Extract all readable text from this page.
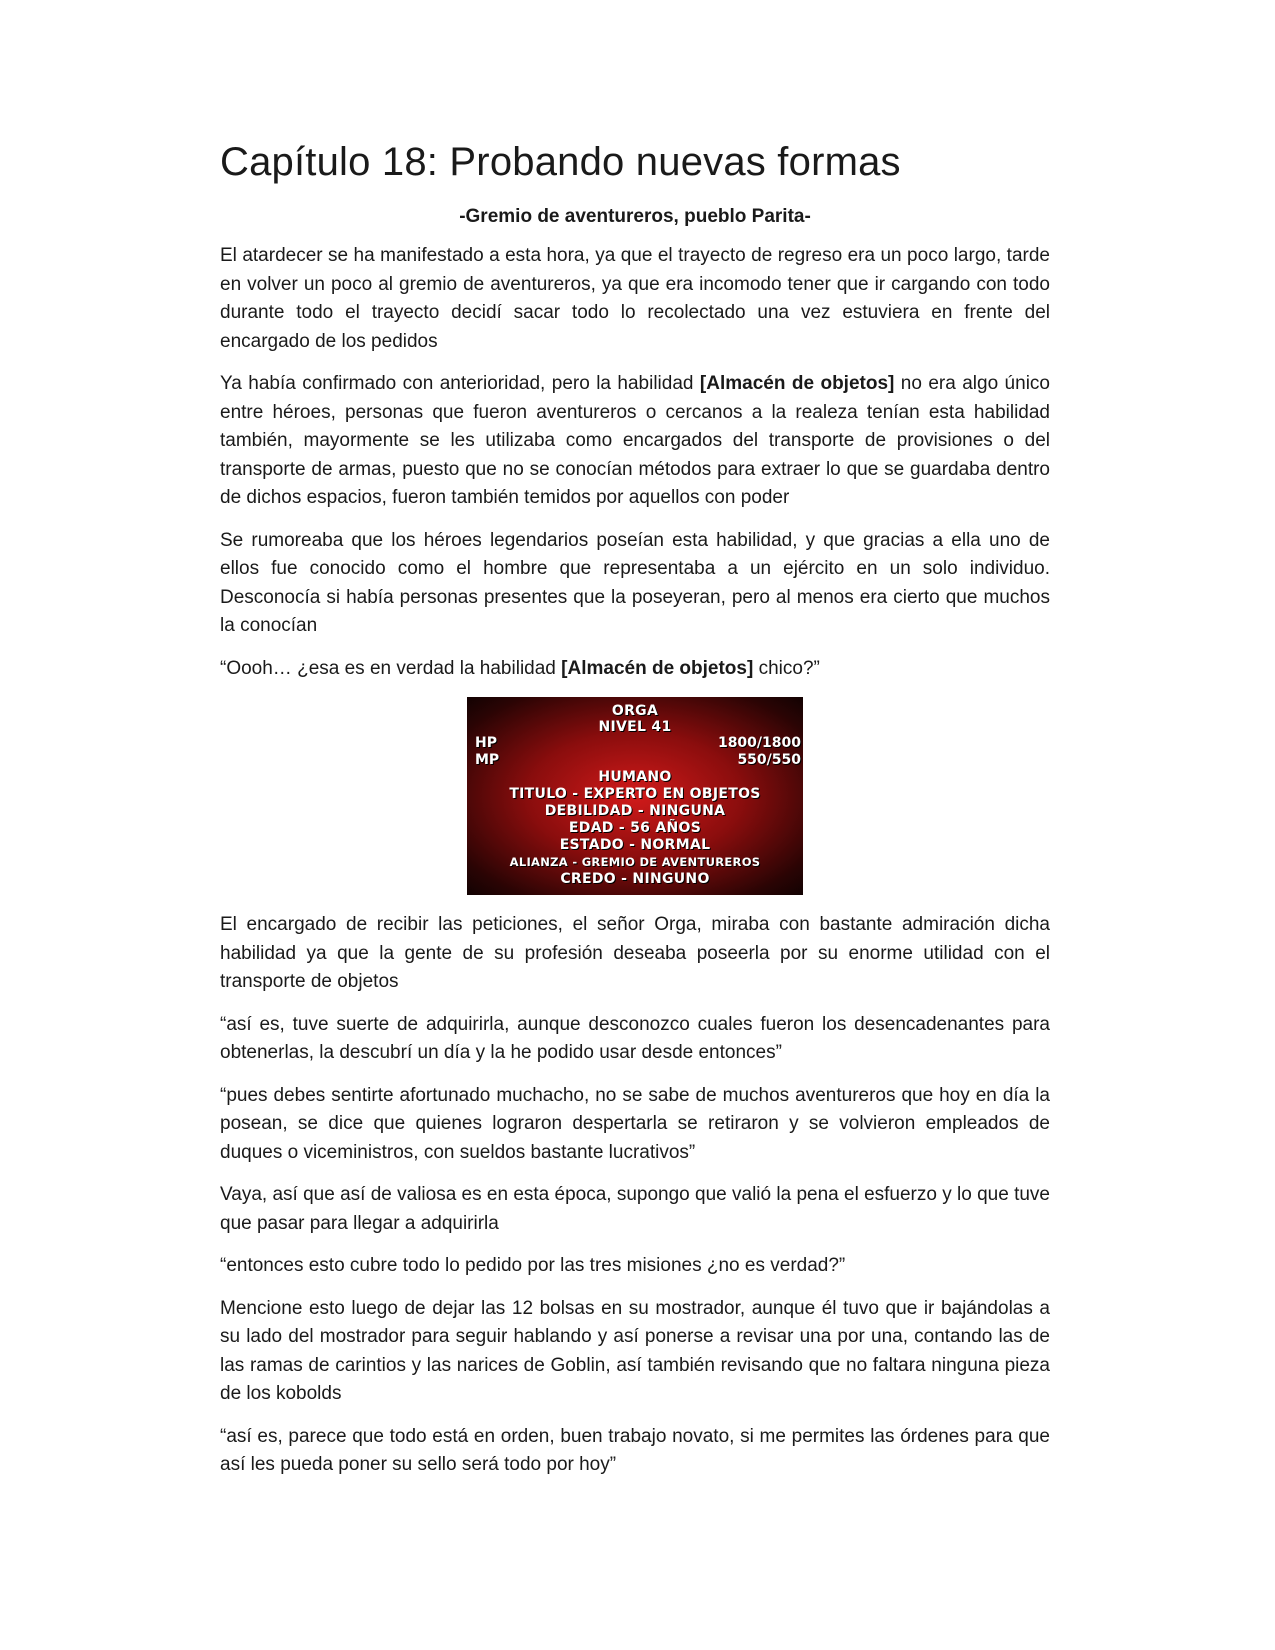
Capítulo 18: Probando nuevas formas
-Gremio de aventureros, pueblo Parita-

El atardecer se ha manifestado a esta hora, ya que el trayecto de regreso era un poco largo, tarde en volver un poco al gremio de aventureros, ya que era incomodo tener que ir cargando con todo durante todo el trayecto decidí sacar todo lo recolectado una vez estuviera en frente del encargado de los pedidos

Ya había confirmado con anterioridad, pero la habilidad [Almacén de objetos] no era algo único entre héroes, personas que fueron aventureros o cercanos a la realeza tenían esta habilidad también, mayormente se les utilizaba como encargados del transporte de provisiones o del transporte de armas, puesto que no se conocían métodos para extraer lo que se guardaba dentro de dichos espacios, fueron también temidos por aquellos con poder

Se rumoreaba que los héroes legendarios poseían esta habilidad, y que gracias a ella uno de ellos fue conocido como el hombre que representaba a un ejército en un solo individuo. Desconocía si había personas presentes que la poseyeran, pero al menos era cierto que muchos la conocían

“Oooh… ¿esa es en verdad la habilidad [Almacén de objetos] chico?”

ORGA
NIVEL 41
HP	1800/1800
MP	550/550
HUMANO
TITULO - EXPERTO EN OBJETOS
DEBILIDAD - NINGUNA
EDAD - 56 AÑOS
ESTADO - NORMAL
ALIANZA - GREMIO DE AVENTUREROS
CREDO - NINGUNO

El encargado de recibir las peticiones, el señor Orga, miraba con bastante admiración dicha habilidad ya que la gente de su profesión deseaba poseerla por su enorme utilidad con el transporte de objetos

“así es, tuve suerte de adquirirla, aunque desconozco cuales fueron los desencadenantes para obtenerlas, la descubrí un día y la he podido usar desde entonces”

“pues debes sentirte afortunado muchacho, no se sabe de muchos aventureros que hoy en día la posean, se dice que quienes lograron despertarla se retiraron y se volvieron empleados de duques o viceministros, con sueldos bastante lucrativos”

Vaya, así que así de valiosa es en esta época, supongo que valió la pena el esfuerzo y lo que tuve que pasar para llegar a adquirirla

“entonces esto cubre todo lo pedido por las tres misiones ¿no es verdad?”

Mencione esto luego de dejar las 12 bolsas en su mostrador, aunque él tuvo que ir bajándolas a su lado del mostrador para seguir hablando y así ponerse a revisar una por una, contando las de las ramas de carintios y las narices de Goblin, así también revisando que no faltara ninguna pieza de los kobolds

“así es, parece que todo está en orden, buen trabajo novato, si me permites las órdenes para que así les pueda poner su sello será todo por hoy”
